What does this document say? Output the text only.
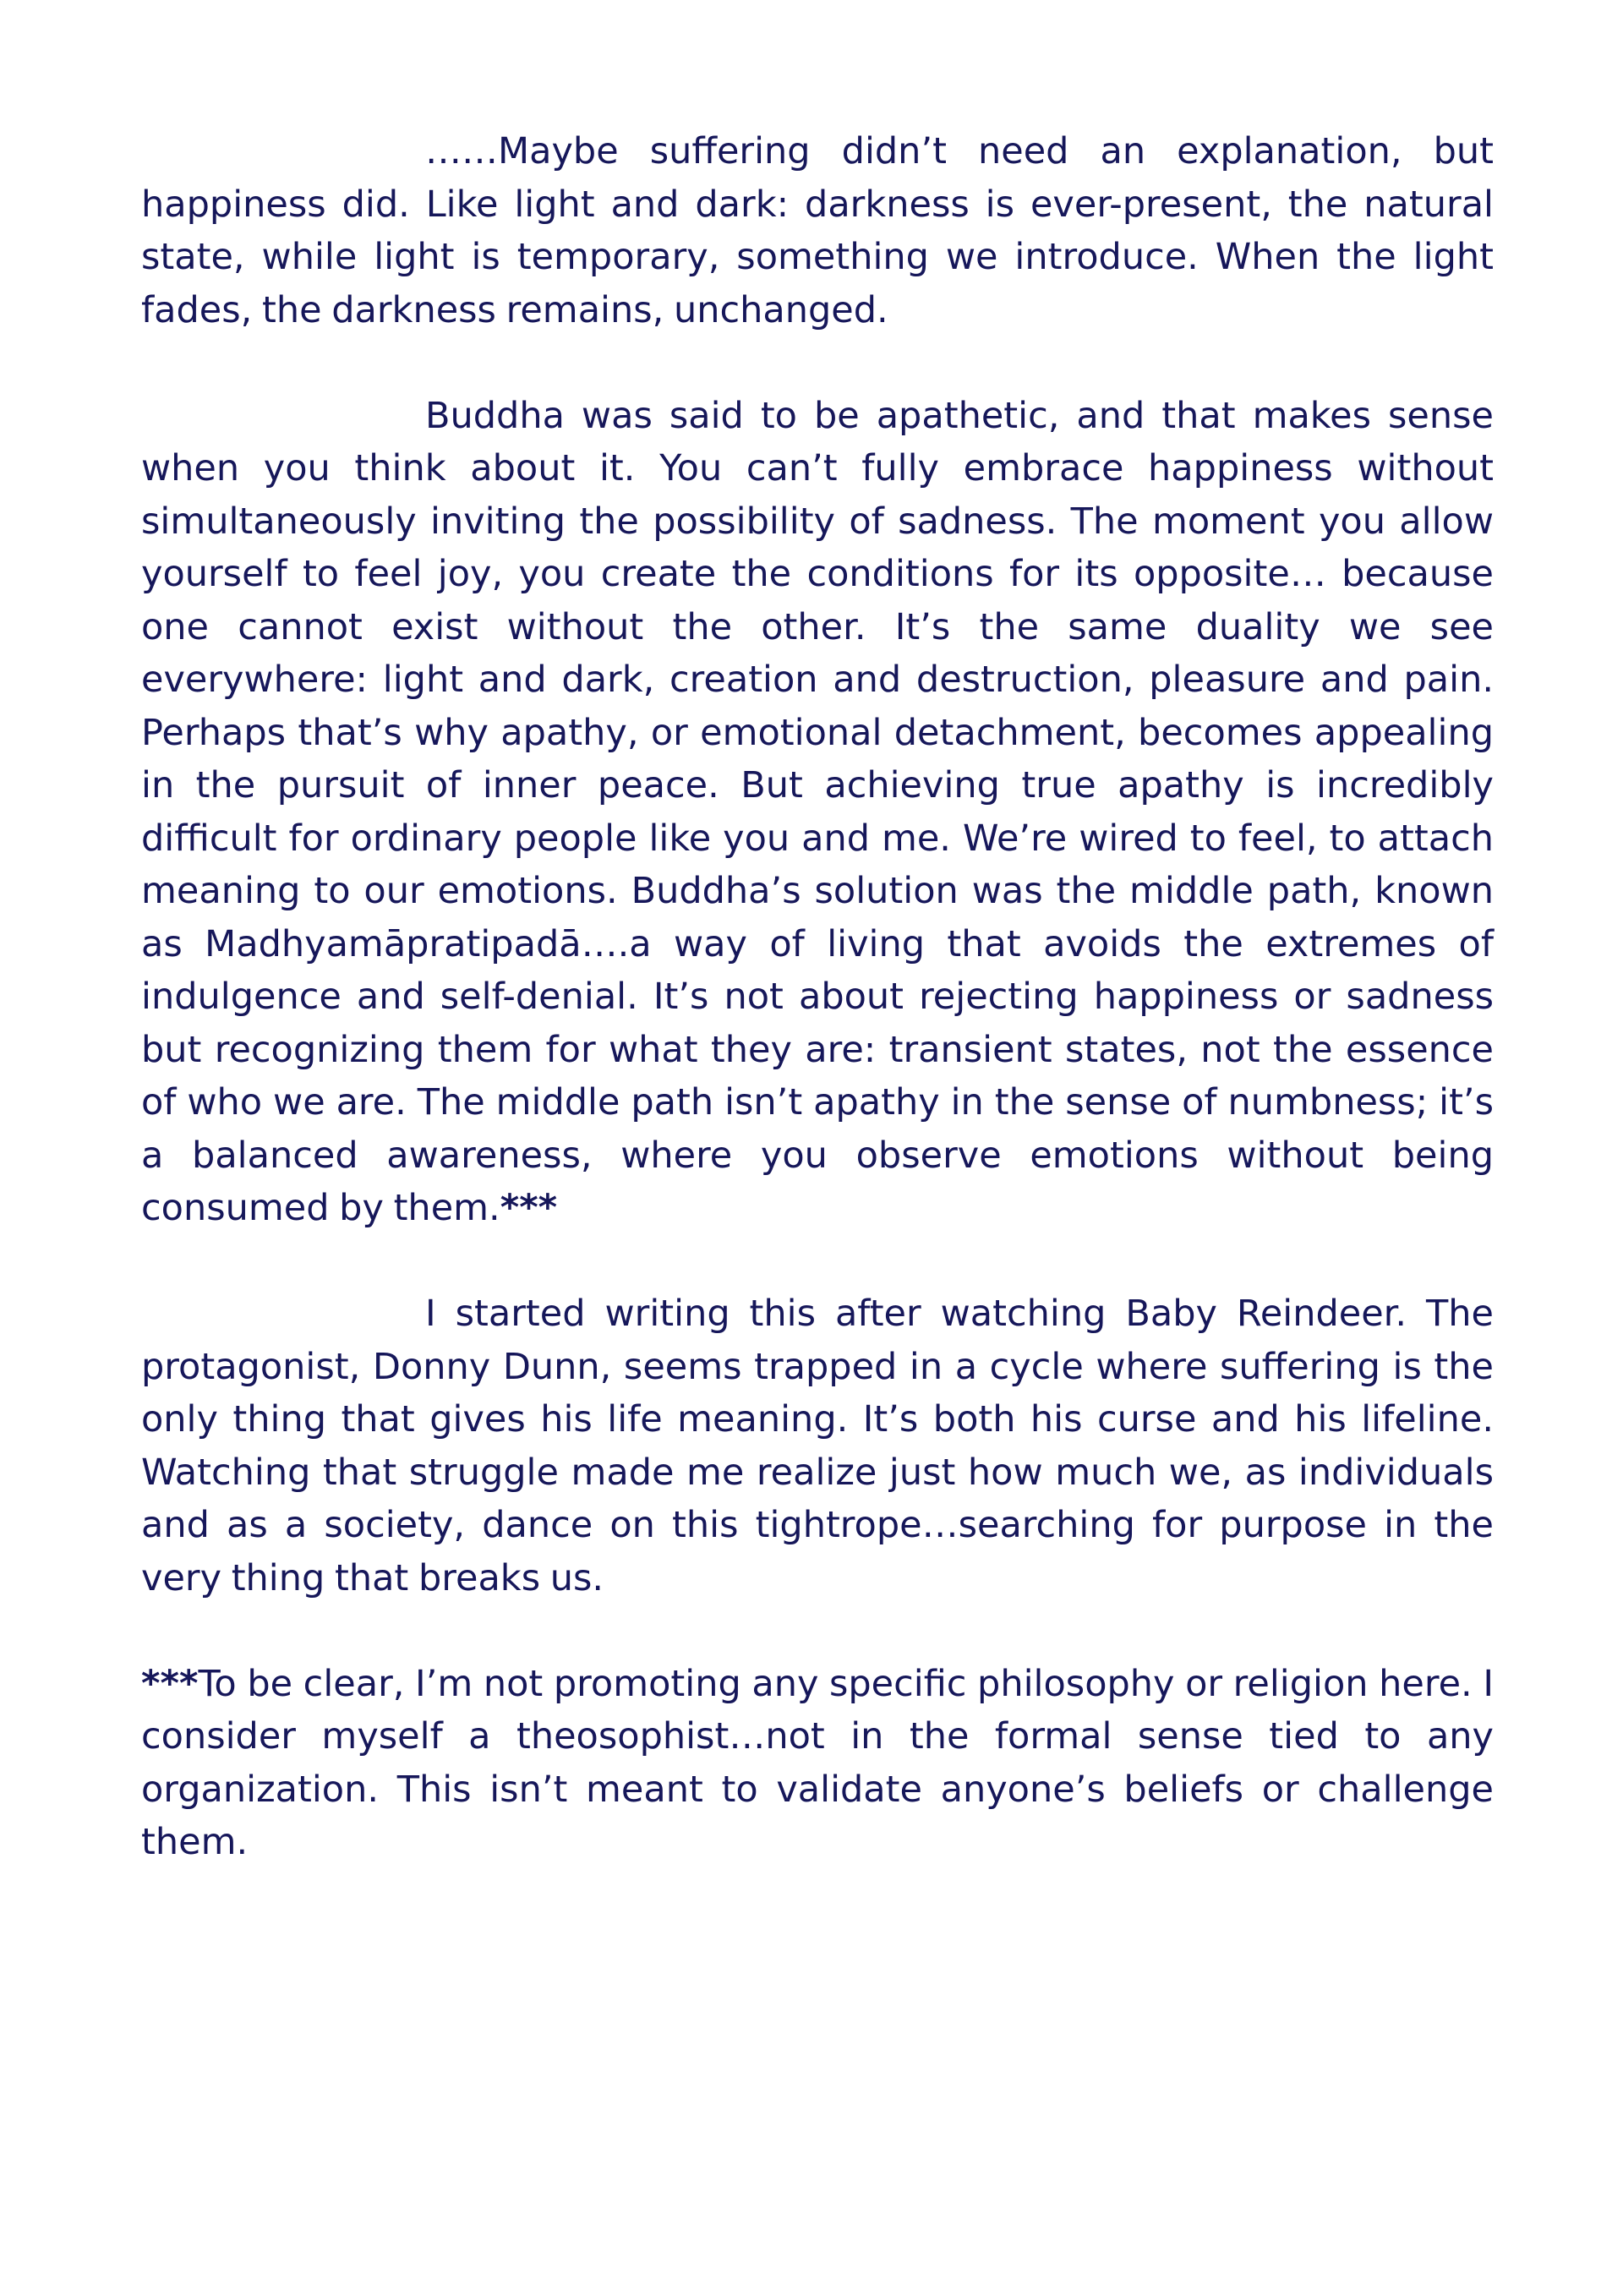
……Maybe suffering didn’t need an explanation, but happiness did. Like light and dark: darkness is ever-present, the natural state, while light is temporary, something we introduce. When the light fades, the darkness remains, unchanged.

Buddha was said to be apathetic, and that makes sense when you think about it. You can’t fully embrace happiness without simultaneously inviting the possibility of sadness. The moment you allow yourself to feel joy, you create the conditions for its opposite… because one cannot exist without the other. It’s the same duality we see everywhere: light and dark, creation and destruction, pleasure and pain. Perhaps that’s why apathy, or emotional detachment, becomes appealing in the pursuit of inner peace. But achieving true apathy is incredibly difficult for ordinary people like you and me. We’re wired to feel, to attach meaning to our emotions. Buddha’s solution was the middle path, known as Madhyamāpratipadā….a way of living that avoids the extremes of indulgence and self-denial. It’s not about rejecting happiness or sadness but recognizing them for what they are: transient states, not the essence of who we are. The middle path isn’t apathy in the sense of numbness; it’s a balanced awareness, where you observe emotions without being consumed by them.***

I started writing this after watching Baby Reindeer. The protagonist, Donny Dunn, seems trapped in a cycle where suffering is the only thing that gives his life meaning. It’s both his curse and his lifeline. Watching that struggle made me realize just how much we, as individuals and as a society, dance on this tightrope…searching for purpose in the very thing that breaks us.

***To be clear, I’m not promoting any specific philosophy or religion here. I consider myself a theosophist…not in the formal sense tied to any organization. This isn’t meant to validate anyone’s beliefs or challenge them.
